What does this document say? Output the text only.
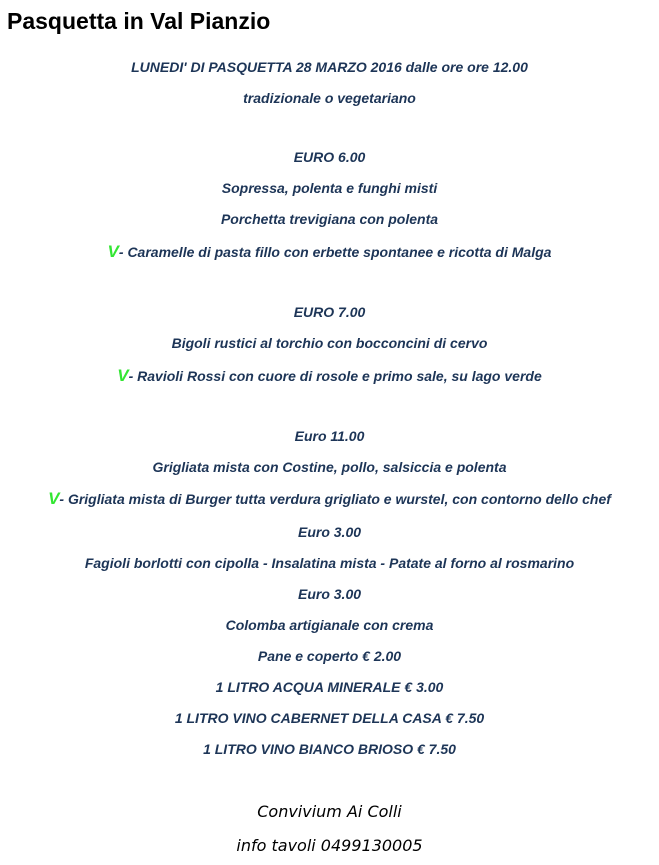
Pasquetta in Val Pianzio
LUNEDI' DI PASQUETTA 28 MARZO 2016 dalle ore ore 12.00
tradizionale o vegetariano
EURO 6.00
Sopressa, polenta e funghi misti
Porchetta trevigiana con polenta
V- Caramelle di pasta fillo con erbette spontanee e ricotta di Malga
EURO 7.00
Bigoli rustici al torchio con bocconcini di cervo
V- Ravioli Rossi con cuore di rosole e primo sale, su lago verde
Euro 11.00
Grigliata mista con Costine, pollo, salsiccia e polenta
V- Grigliata mista di Burger tutta verdura grigliato e wurstel, con contorno dello chef
Euro 3.00
Fagioli borlotti con cipolla - Insalatina mista - Patate al forno al rosmarino
Euro 3.00
Colomba artigianale con crema
Pane e coperto € 2.00
1 LITRO ACQUA MINERALE € 3.00
1 LITRO VINO CABERNET DELLA CASA € 7.50
1 LITRO VINO BIANCO BRIOSO € 7.50
Convivium Ai Colli
info tavoli 0499130005
